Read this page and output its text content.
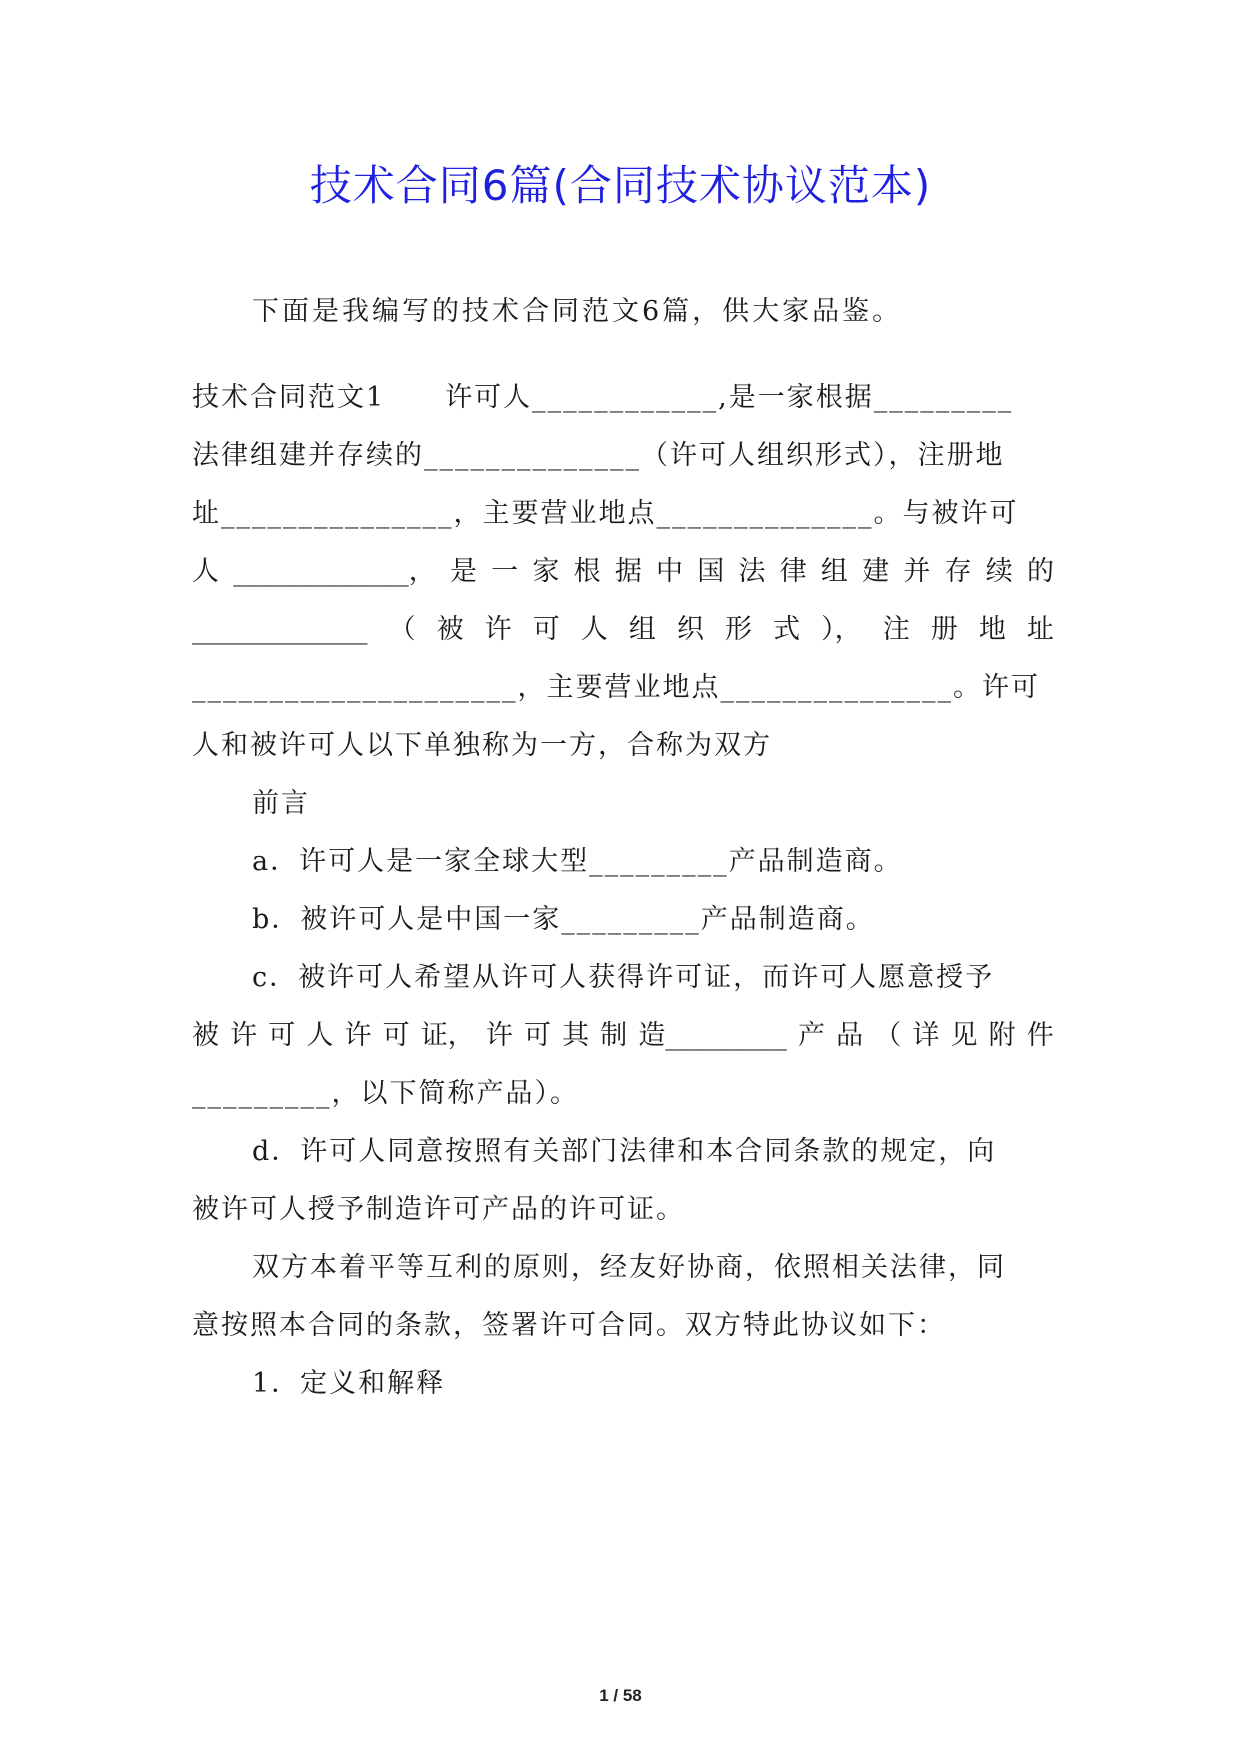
技术合同6篇(合同技术协议范本)
下面是我编写的技术合同范文6篇，供大家品鉴。
技术合同范文1 许可人____________,是一家根据_________
法律组建并存续的______________（许可人组织形式），注册地
址_______________，主要营业地点______________。与被许可
人 _____________， 是 一 家 根 据 中 国 法 律 组 建 并 存 续 的
_____________ （ 被 许 可 人 组 织 形 式 ）， 注 册 地 址
_____________________，主要营业地点_______________。许可
人和被许可人以下单独称为一方，合称为双方
前言
a．许可人是一家全球大型_________产品制造商。
b．被许可人是中国一家_________产品制造商。
c．被许可人希望从许可人获得许可证，而许可人愿意授予
被 许 可 人 许 可 证， 许 可 其 制 造_________ 产 品 （ 详 见 附 件
_________，以下简称产品）。
d．许可人同意按照有关部门法律和本合同条款的规定，向
被许可人授予制造许可产品的许可证。
双方本着平等互利的原则，经友好协商，依照相关法律，同
意按照本合同的条款，签署许可合同。双方特此协议如下：
1．定义和解释
1 / 58
